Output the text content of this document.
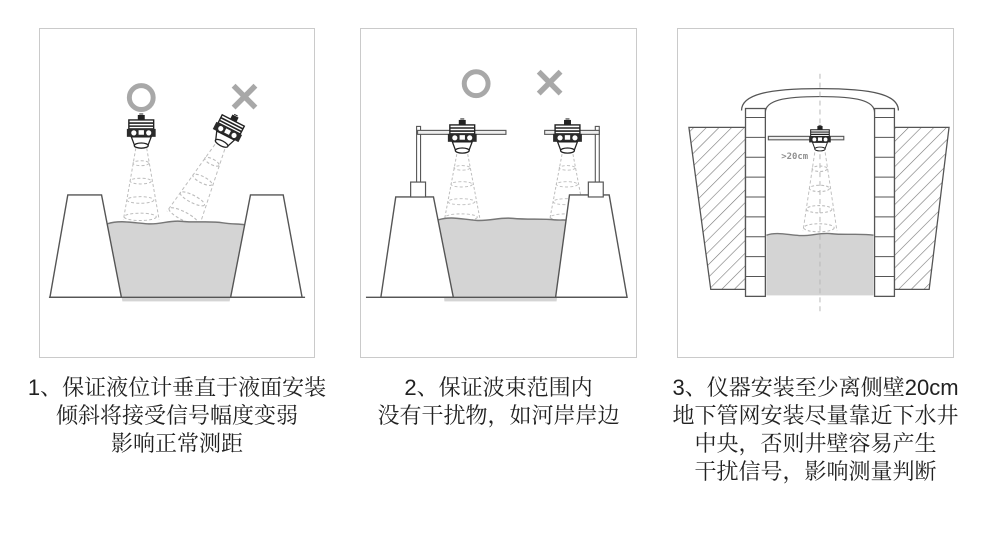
>20cm
1、保证液位计垂直于液面安装
倾斜将接受信号幅度变弱
影响正常测距
2、保证波束范围内
没有干扰物，如河岸岸边
3、仪器安装至少离侧壁20cm
地下管网安装尽量靠近下水井
中央，否则井壁容易产生
干扰信号，影响测量判断
